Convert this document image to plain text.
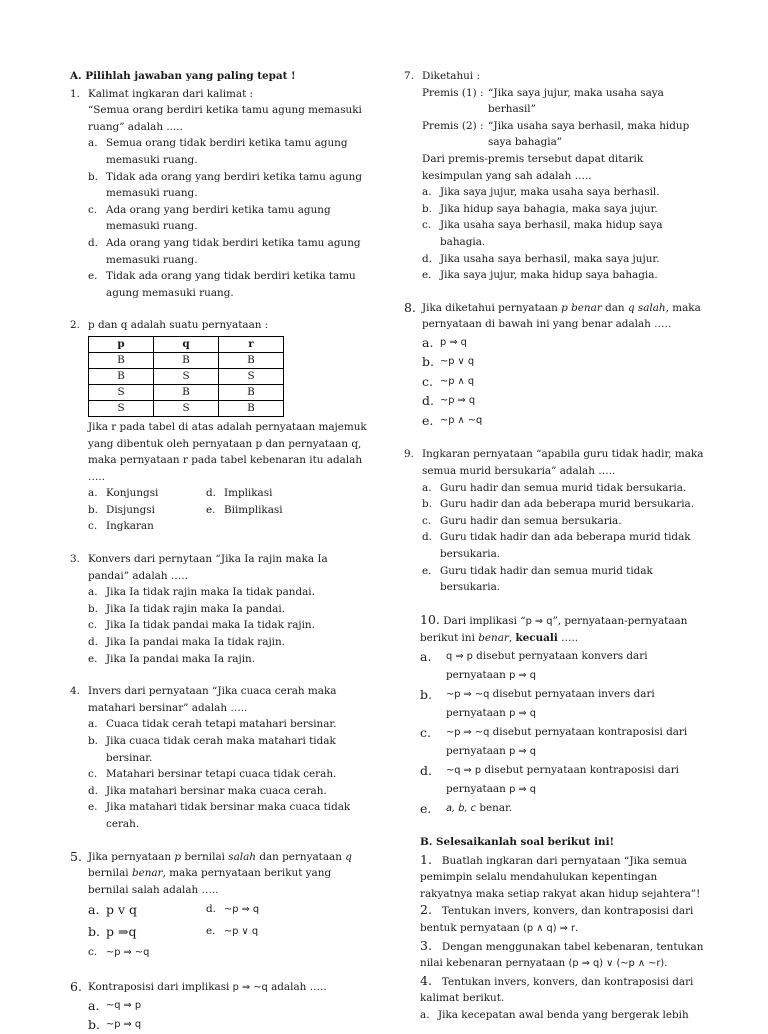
A. Pilihlah jawaban yang paling tepat !
1. Kalimat ingkaran dari kalimat :
“Semua orang berdiri ketika tamu agung memasuki ruang” adalah .....
a. Semua orang tidak berdiri ketika tamu agung memasuki ruang.
b. Tidak ada orang yang berdiri ketika tamu agung memasuki ruang.
c. Ada orang yang berdiri ketika tamu agung memasuki ruang.
d. Ada orang yang tidak berdiri ketika tamu agung memasuki ruang.
e. Tidak ada orang yang tidak berdiri ketika tamu agung memasuki ruang.
2. p dan q adalah suatu pernyataan :
p	q	r
B	B	B
B	S	S
S	B	B
S	S	B
Jika r pada tabel di atas adalah pernyataan majemuk yang dibentuk oleh pernyataan p dan pernyataan q, maka pernyataan r pada tabel kebenaran itu adalah …..
a. Konjungsi	d. Implikasi
b. Disjungsi	e. Biimplikasi
c. Ingkaran
3. Konvers dari pernytaan “Jika Ia rajin maka Ia pandai” adalah …..
a. Jika Ia tidak rajin maka Ia tidak pandai.
b. Jika Ia tidak rajin maka Ia pandai.
c. Jika Ia tidak pandai maka Ia tidak rajin.
d. Jika Ia pandai maka Ia tidak rajin.
e. Jika Ia pandai maka Ia rajin.
4. Invers dari pernyataan “Jika cuaca cerah maka matahari bersinar” adalah …..
a. Cuaca tidak cerah tetapi matahari bersinar.
b. Jika cuaca tidak cerah maka matahari tidak bersinar.
c. Matahari bersinar tetapi cuaca tidak cerah.
d. Jika matahari bersinar maka cuaca cerah.
e. Jika matahari tidak bersinar maka cuaca tidak cerah.
5. Jika pernyataan p bernilai salah dan pernyataan q bernilai benar, maka pernyataan berikut yang bernilai salah adalah …..
a. p v q	d. ~p ⇒ q
b. p ⇒q	e. ~p ∨ q
c. ~p ⇒ ~q
6. Kontraposisi dari implikasi p ⇒ ~q adalah …..
a. ~q ⇒ p
b. ~p ⇒ q
7. Diketahui :
Premis (1) : “Jika saya jujur, maka usaha saya berhasil”
Premis (2) : “Jika usaha saya berhasil, maka hidup saya bahagia”
Dari premis-premis tersebut dapat ditarik kesimpulan yang sah adalah …..
a. Jika saya jujur, maka usaha saya berhasil.
b. Jika hidup saya bahagia, maka saya jujur.
c. Jika usaha saya berhasil, maka hidup saya bahagia.
d. Jika usaha saya berhasil, maka saya jujur.
e. Jika saya jujur, maka hidup saya bahagia.
8. Jika diketahui pernyataan p benar dan q salah, maka pernyataan di bawah ini yang benar adalah …..
a. p ⇒ q
b. ~p ∨ q
c. ~p ∧ q
d. ~p ⇒ q
e. ~p ∧ ~q
9. Ingkaran pernyataan “apabila guru tidak hadir, maka semua murid bersukaria” adalah …..
a. Guru hadir dan semua murid tidak bersukaria.
b. Guru hadir dan ada beberapa murid bersukaria.
c. Guru hadir dan semua bersukaria.
d. Guru tidak hadir dan ada beberapa murid tidak bersukaria.
e. Guru tidak hadir dan semua murid tidak bersukaria.
10. Dari implikasi “p ⇒ q”, pernyataan-pernyataan berikut ini benar, kecuali …..
a. q ⇒ p disebut pernyataan konvers dari pernyataan p ⇒ q
b. ~p ⇒ ~q disebut pernyataan invers dari pernyataan p ⇒ q
c. ~p ⇒ ~q disebut pernyataan kontraposisi dari pernyataan p ⇒ q
d. ~q ⇒ p disebut pernyataan kontraposisi dari pernyataan p ⇒ q
e. a, b, c benar.
B. Selesaikanlah soal berikut ini!
1. Buatlah ingkaran dari pernyataan “Jika semua pemimpin selalu mendahulukan kepentingan rakyatnya maka setiap rakyat akan hidup sejahtera”!
2. Tentukan invers, konvers, dan kontraposisi dari bentuk pernyataan (p ∧ q) ⇒ r.
3. Dengan menggunakan tabel kebenaran, tentukan nilai kebenaran pernyataan (p ⇒ q) ∨ (~p ∧ ~r).
4. Tentukan invers, konvers, dan kontraposisi dari kalimat berikut.
a. Jika kecepatan awal benda yang bergerak lebih
